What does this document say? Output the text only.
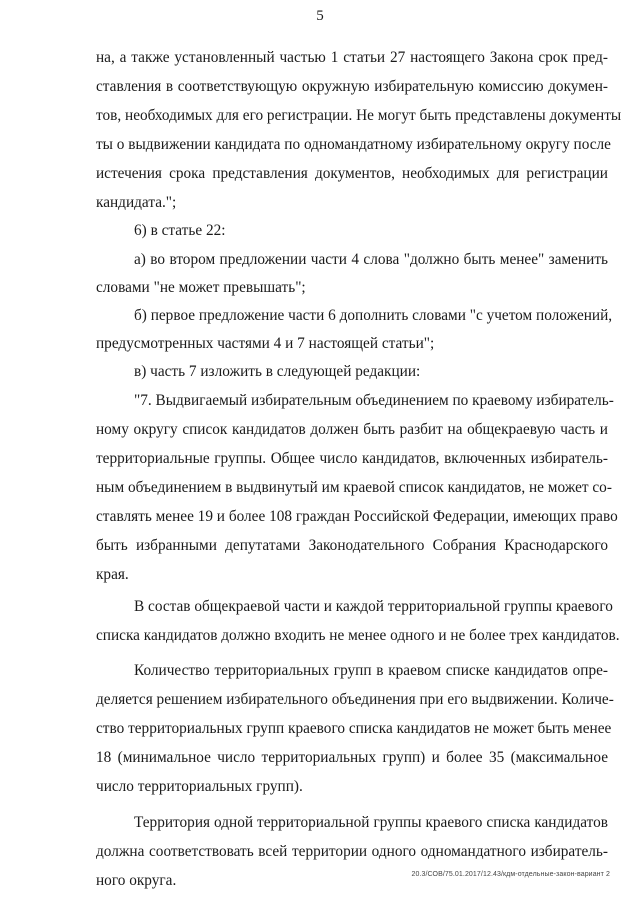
5
на, а также установленный частью 1 статьи 27 настоящего Закона срок пред-
ставления в соответствующую окружную избирательную комиссию докумен-
тов, необходимых для его регистрации. Не могут быть представлены документы
ты о выдвижении кандидата по одномандатному избирательному округу после
истечения срока представления документов, необходимых для регистрации
кандидата.";
6) в статье 22:
а) во втором предложении части 4 слова "должно быть менее" заменить
словами "не может превышать";
б) первое предложение части 6 дополнить словами "с учетом положений,
предусмотренных частями 4 и 7 настоящей статьи";
в) часть 7 изложить в следующей редакции:
"7. Выдвигаемый избирательным объединением по краевому избиратель-
ному округу список кандидатов должен быть разбит на общекраевую часть и
территориальные группы. Общее число кандидатов, включенных избиратель-
ным объединением в выдвинутый им краевой список кандидатов, не может со-
ставлять менее 19 и более 108 граждан Российской Федерации, имеющих право
быть избранными депутатами Законодательного Собрания Краснодарского
края.
В состав общекраевой части и каждой территориальной группы краевого
списка кандидатов должно входить не менее одного и не более трех кандидатов.
Количество территориальных групп в краевом списке кандидатов опре-
деляется решением избирательного объединения при его выдвижении. Количе-
ство территориальных групп краевого списка кандидатов не может быть менее
18 (минимальное число территориальных групп) и более 35 (максимальное
число территориальных групп).
Территория одной территориальной группы краевого списка кандидатов
должна соответствовать всей территории одного одномандатного избиратель-
ного округа.	20.3/СОВ/75.01.2017/12.43/кдм-отдельные-закон-вариант 2
